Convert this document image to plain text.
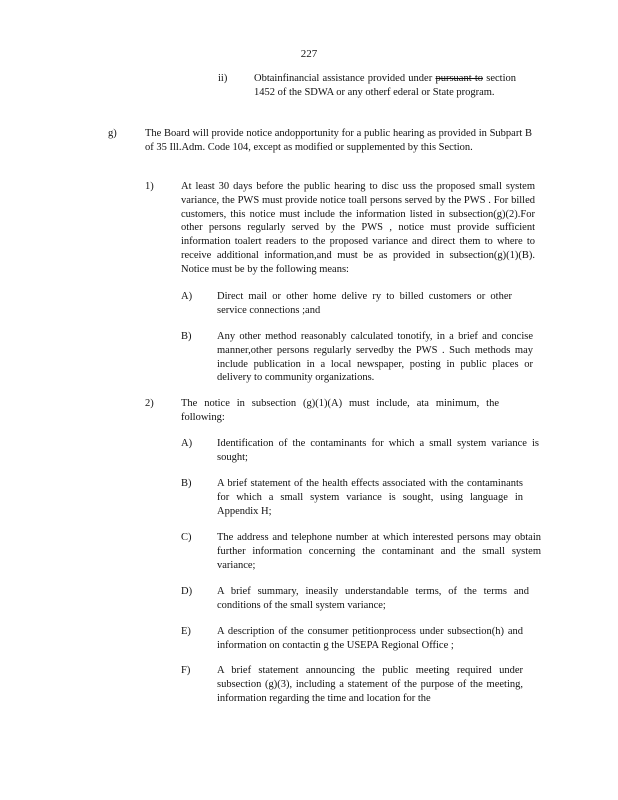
227
ii)	Obtainfinancial assistance provided under pursuant to section 1452 of the SDWA or any otherf ederal or State program.
g)	The Board will provide notice andopportunity for a public hearing as provided in Subpart B of 35 Ill.Adm. Code 104, except as modified or supplemented by this Section.
1)	At least 30 days before the public hearing to disc uss the proposed small system variance, the PWS must provide notice toall persons served by the PWS . For billed customers, this notice must include the information listed in subsection(g)(2).For other persons regularly served by the PWS , notice must provide sufficient information toalert readers to the proposed variance and direct them to where to receive additional information,and must be as provided in subsection(g)(1)(B). Notice must be by the following means:
A) Direct mail or other home delive ry to billed customers or other service connections ;and
B) Any other method reasonably calculated tonotify, in a brief and concise manner,other persons regularly servedby the PWS . Such methods may include publication in a local newspaper, posting in public places or delivery to community organizations.
2)	The notice in subsection (g)(1)(A) must include, ata minimum, the following:
A) Identification of the contaminants for which a small system variance is sought;
B) A brief statement of the health effects associated with the contaminants for which a small system variance is sought, using language in Appendix H;
C) The address and telephone number at which interested persons may obtain further information concerning the contaminant and the small system variance;
D) A brief summary, ineasily understandable terms, of the terms and conditions of the small system variance;
E) A description of the consumer petitionprocess under subsection(h) and information on contactin g the USEPA Regional Office ;
F)	A brief statement announcing the public meeting required under subsection (g)(3), including a statement of the purpose of the meeting, information regarding the time and location for the
